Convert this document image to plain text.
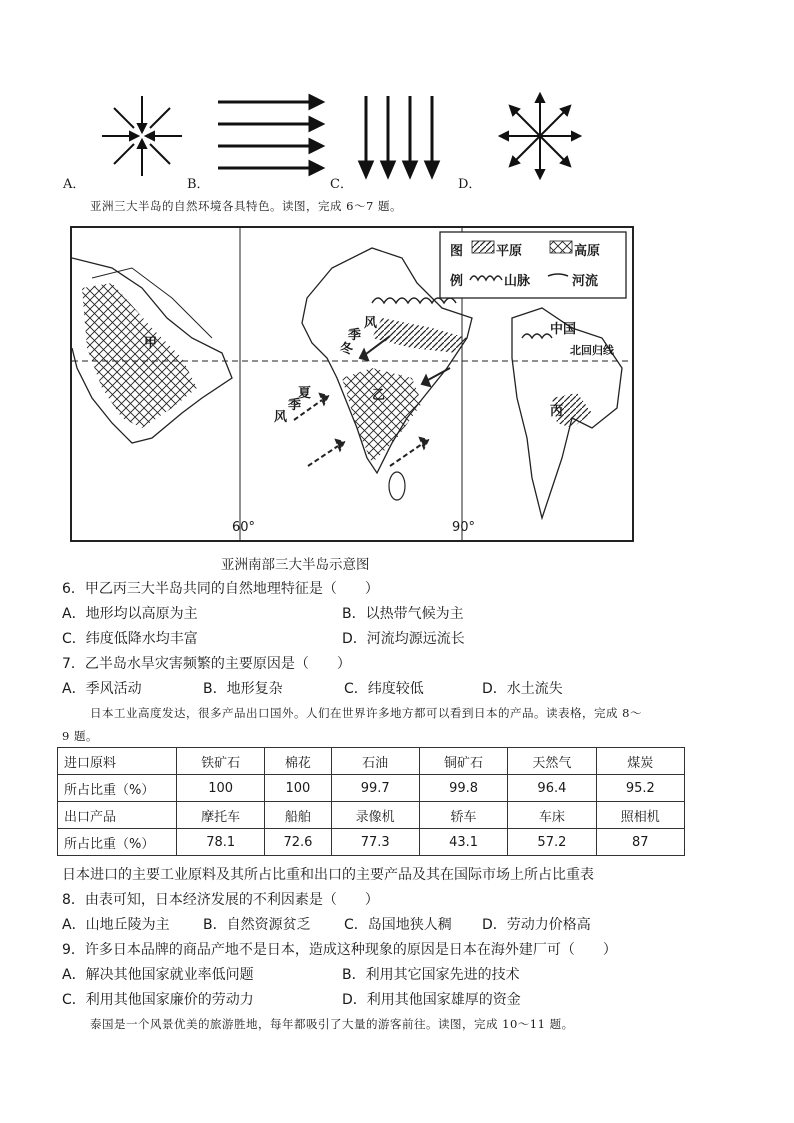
A．	B．	C．	D．
亚洲三大半岛的自然环境各具特色。读图，完成 6～7 题。
图
例
平原	高原
山脉	河流
甲
乙
丙
中国
北回归线
季
风
冬
夏
季
风
60°	90°
亚洲南部三大半岛示意图
6．甲乙丙三大半岛共同的自然地理特征是（　　）
A．地形均以高原为主	B．以热带气候为主
C．纬度低降水均丰富	D．河流均源远流长
7．乙半岛水旱灾害频繁的主要原因是（　　）
A．季风活动	B．地形复杂	C．纬度较低	D．水土流失
日本工业高度发达，很多产品出口国外。人们在世界许多地方都可以看到日本的产品。读表格，完成 8～
9 题。
进口原料	铁矿石	棉花	石油	铜矿石	天然气	煤炭
所占比重（%）	100	100	99.7	99.8	96.4	95.2
出口产品	摩托车	船舶	录像机	轿车	车床	照相机
所占比重（%）	78.1	72.6	77.3	43.1	57.2	87
日本进口的主要工业原料及其所占比重和出口的主要产品及其在国际市场上所占比重表
8．由表可知，日本经济发展的不利因素是（　　）
A．山地丘陵为主 B．自然资源贫乏 C．岛国地狭人稠 D．劳动力价格高
9．许多日本品牌的商品产地不是日本，造成这种现象的原因是日本在海外建厂可（　　）
A．解决其他国家就业率低问题	B．利用其它国家先进的技术
C．利用其他国家廉价的劳动力	D．利用其他国家雄厚的资金
泰国是一个风景优美的旅游胜地，每年都吸引了大量的游客前往。读图，完成 10～11 题。
